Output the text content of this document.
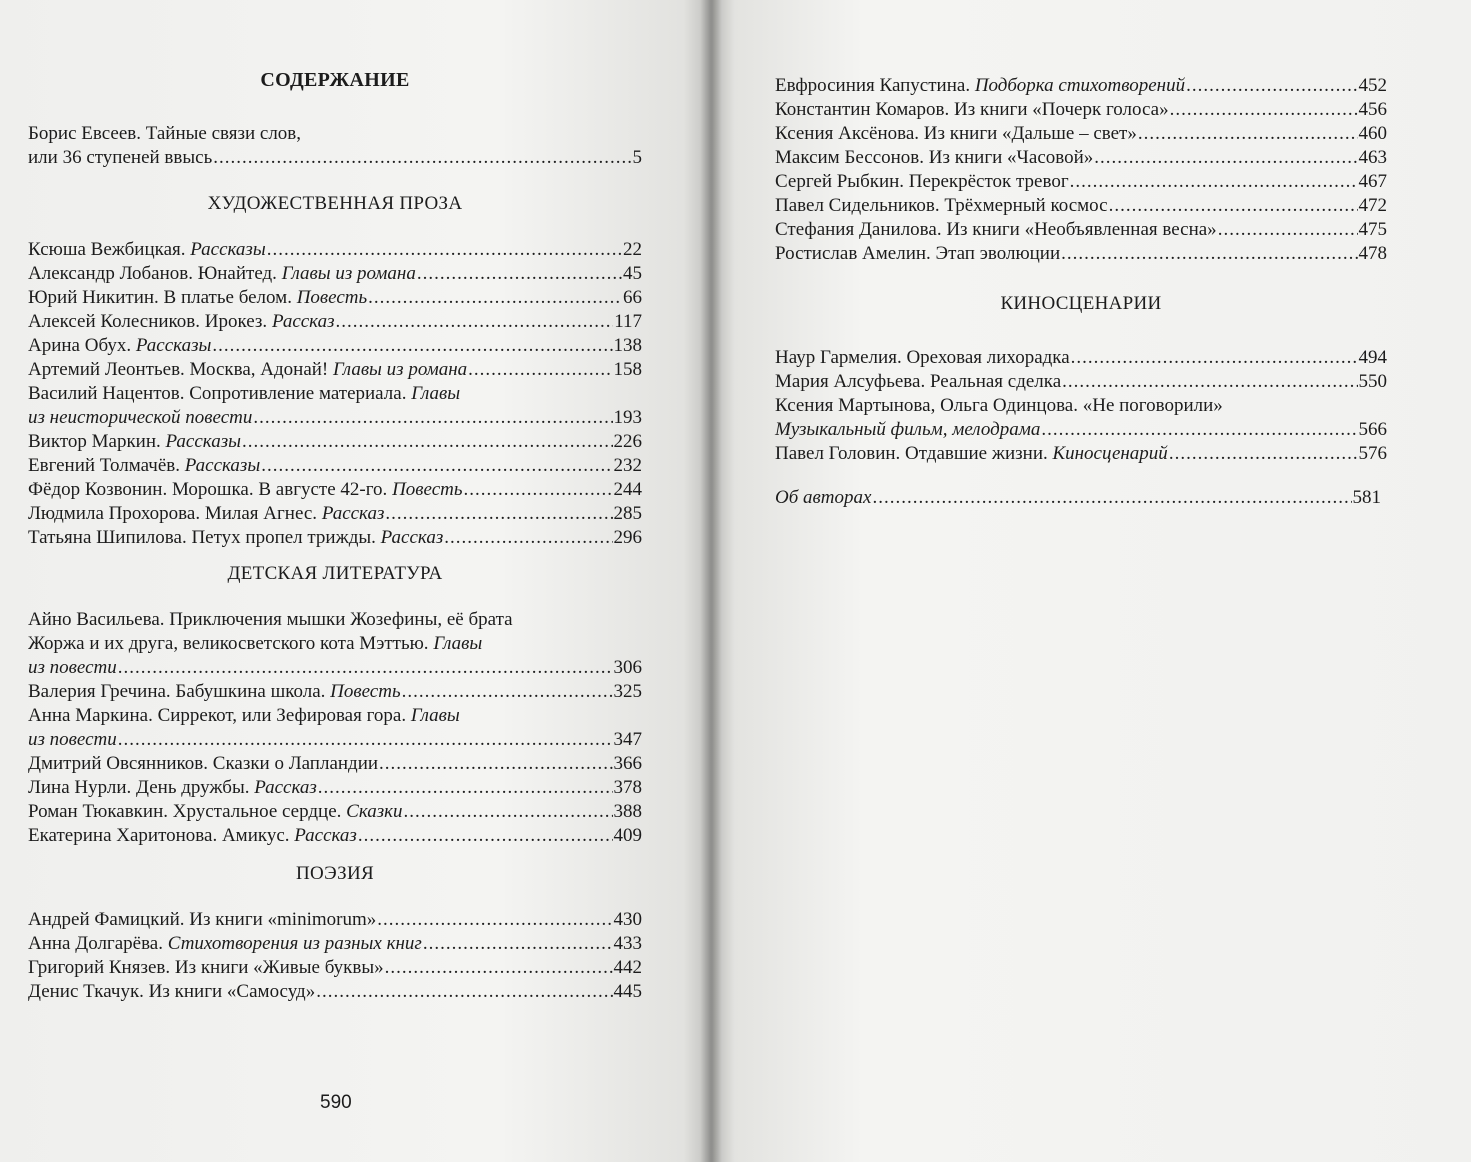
СОДЕРЖАНИЕ
Борис Евсеев. Тайные связи слов,
или 36 ступеней ввысь .....	5
ХУДОЖЕСТВЕННАЯ ПРОЗА
Ксюша Вежбицкая. Рассказы .....	22
Александр Лобанов. Юнайтед. Главы из романа .....	45
Юрий Никитин. В платье белом. Повесть .....	66
Алексей Колесников. Ирокез. Рассказ .....	117
Арина Обух. Рассказы .....	138
Артемий Леонтьев. Москва, Адонай! Главы из романа .....	158
Василий Нацентов. Сопротивление материала. Главы
из неисторической повести .....	193
Виктор Маркин. Рассказы .....	226
Евгений Толмачёв. Рассказы .....	232
Фёдор Козвонин. Морошка. В августе 42-го. Повесть .....	244
Людмила Прохорова. Милая Агнес. Рассказ .....	285
Татьяна Шипилова. Петух пропел трижды. Рассказ .....	296
ДЕТСКАЯ ЛИТЕРАТУРА
Айно Васильева. Приключения мышки Жозефины, её брата
Жоржа и их друга, великосветского кота Мэттью. Главы
из повести .....	306
Валерия Гречина. Бабушкина школа. Повесть .....	325
Анна Маркина. Сиррекот, или Зефировая гора. Главы
из повести .....	347
Дмитрий Овсянников. Сказки о Лапландии .....	366
Лина Нурли. День дружбы. Рассказ .....	378
Роман Тюкавкин. Хрустальное сердце. Сказки .....	388
Екатерина Харитонова. Амикус. Рассказ .....	409
ПОЭЗИЯ
Андрей Фамицкий. Из книги «minimorum» .....	430
Анна Долгарёва. Стихотворения из разных книг .....	433
Григорий Князев. Из книги «Живые буквы» .....	442
Денис Ткачук. Из книги «Самосуд» .....	445
590
Евфросиния Капустина. Подборка стихотворений .....	452
Константин Комаров. Из книги «Почерк голоса» .....	456
Ксения Аксёнова. Из книги «Дальше – свет» .....	460
Максим Бессонов. Из книги «Часовой» .....	463
Сергей Рыбкин. Перекрёсток тревог .....	467
Павел Сидельников. Трёхмерный космос .....	472
Стефания Данилова. Из книги «Необъявленная весна» .....	475
Ростислав Амелин. Этап эволюции .....	478
КИНОСЦЕНАРИИ
Наур Гармелия. Ореховая лихорадка .....	494
Мария Алсуфьева. Реальная сделка .....	550
Ксения Мартынова, Ольга Одинцова. «Не поговорили»
Музыкальный фильм, мелодрама .....	566
Павел Головин. Отдавшие жизни. Киносценарий .....	576
Об авторах .....	581
